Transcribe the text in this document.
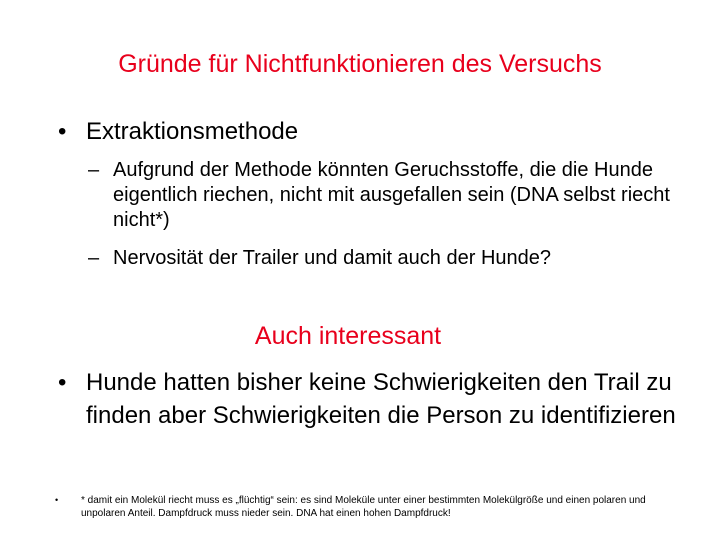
Gründe für Nichtfunktionieren des Versuchs
• Extraktionsmethode
– Aufgrund der Methode könnten Geruchsstoffe, die die Hunde eigentlich riechen, nicht mit ausgefallen sein (DNA selbst riecht nicht*)
– Nervosität der Trailer und damit auch der Hunde?
Auch interessant
• Hunde hatten bisher keine Schwierigkeiten den Trail zu finden aber Schwierigkeiten die Person zu identifizieren
• * damit ein Molekül riecht muss es „flüchtig“ sein: es sind Moleküle unter einer bestimmten Molekülgröße und einen polaren und unpolaren Anteil. Dampfdruck muss nieder sein. DNA hat einen hohen Dampfdruck!
